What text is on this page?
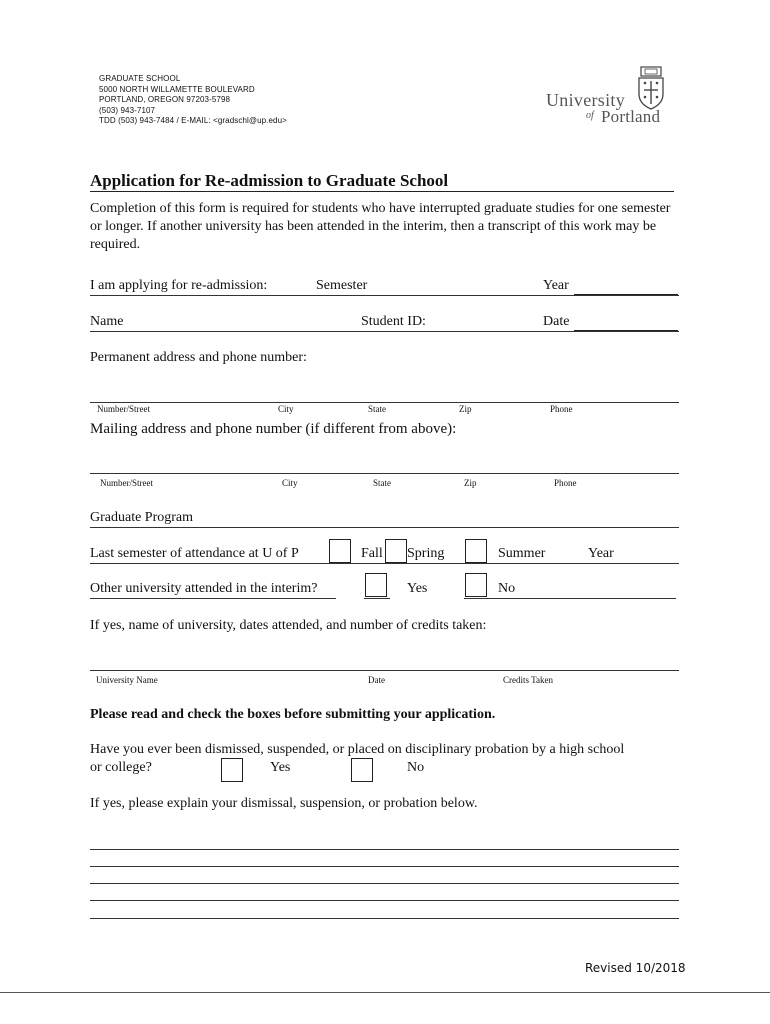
GRADUATE SCHOOL
5000 NORTH WILLAMETTE BOULEVARD
PORTLAND, OREGON 97203-5798
(503) 943-7107
TDD (503) 943-7484 / E-MAIL: <gradschl@up.edu>
University
of Portland
Application for Re-admission to Graduate School
Completion of this form is required for students who have interrupted graduate studies for one semester or longer. If another university has been attended in the interim, then a transcript of this work may be required.
I am applying for re-admission:	Semester	Year
Name	Student ID:	Date
Permanent address and phone number:
Number/Street	City	State	Zip	Phone
Mailing address and phone number (if different from above):
Number/Street	City	State	Zip	Phone
Graduate Program
Last semester of attendance at U of P	Fall Spring	Summer	Year
Other university attended in the interim?	Yes	No
If yes, name of university, dates attended, and number of credits taken:
University Name	Date	Credits Taken
Please read and check the boxes before submitting your application.
Have you ever been dismissed, suspended, or placed on disciplinary probation by a high school
or college?	Yes	No
If yes, please explain your dismissal, suspension, or probation below.
Revised 10/2018
